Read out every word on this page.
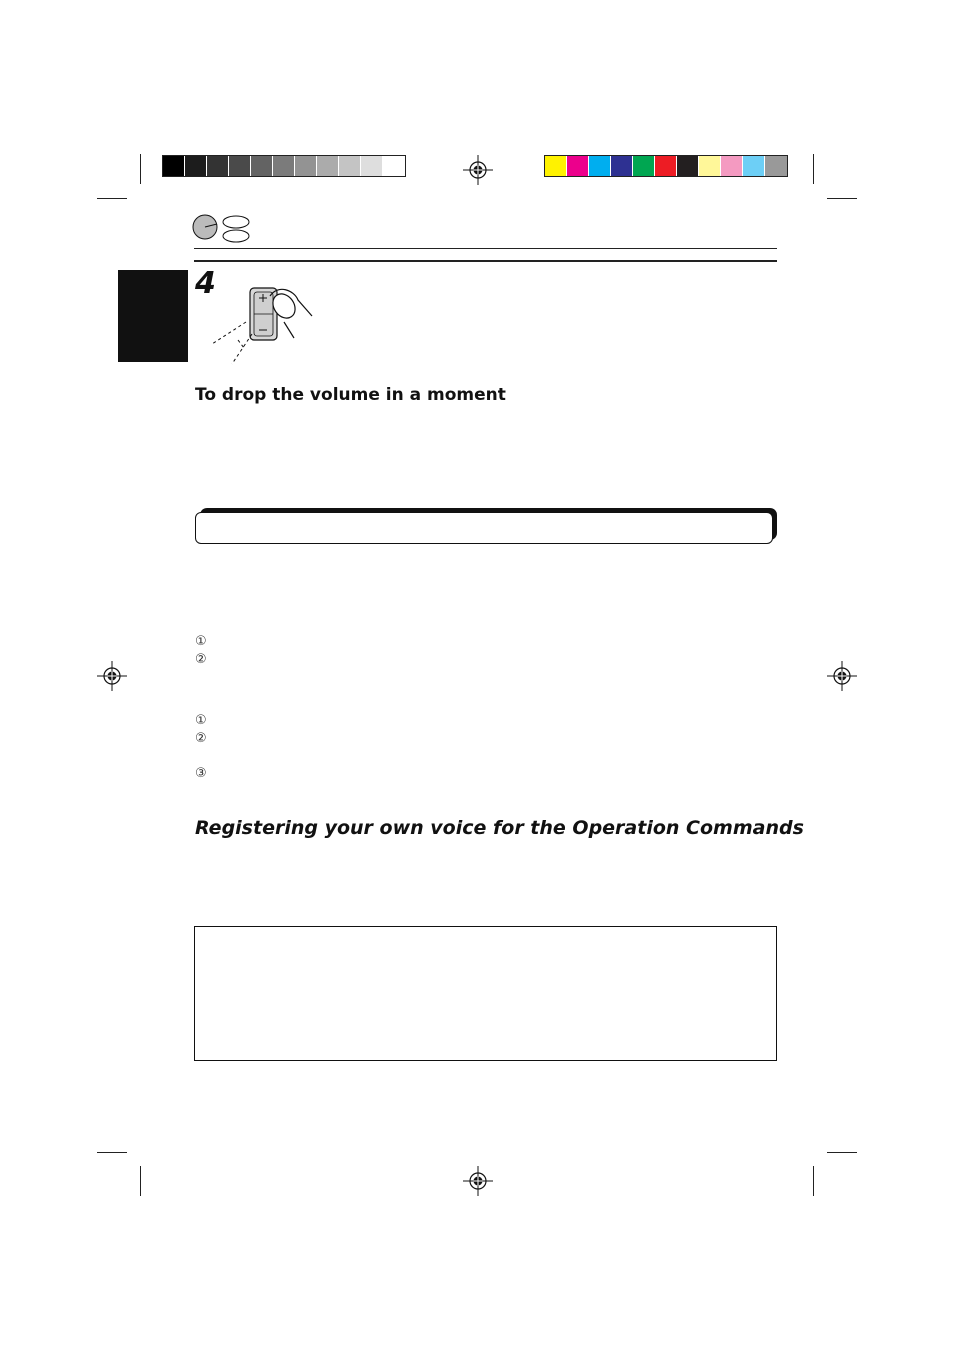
4
To drop the volume in a moment
①
②
①
②
③
Registering your own voice for the Operation Commands
